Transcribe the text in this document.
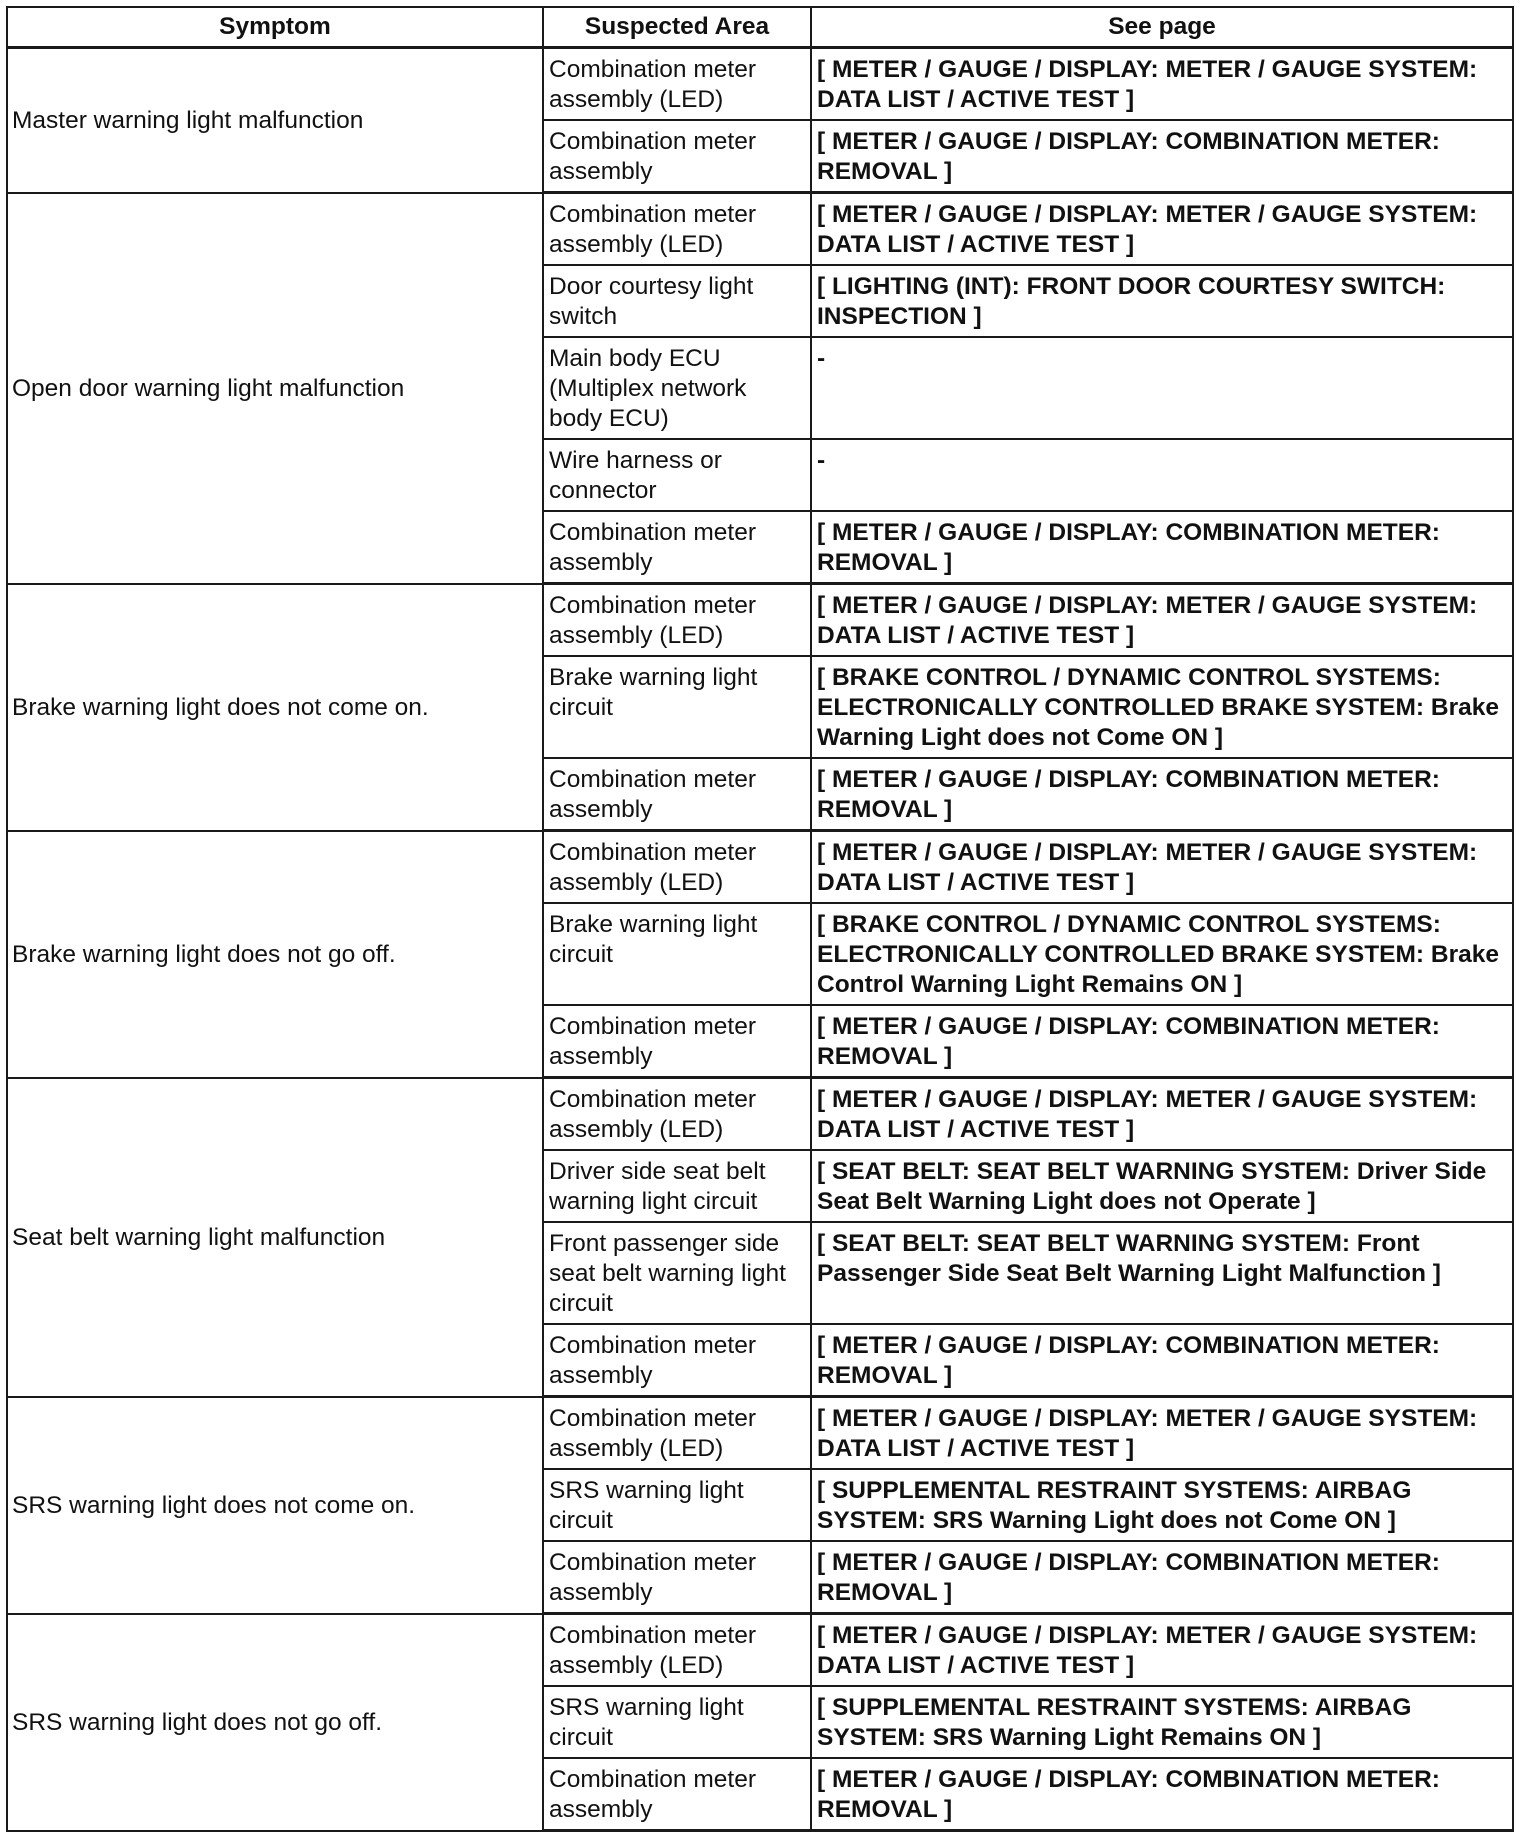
Symptom	Suspected Area	See page
Master warning light malfunction	Combination meter assembly (LED)	[ METER / GAUGE / DISPLAY: METER / GAUGE SYSTEM: DATA LIST / ACTIVE TEST ]
	Combination meter assembly	[ METER / GAUGE / DISPLAY: COMBINATION METER: REMOVAL ]
Open door warning light malfunction	Combination meter assembly (LED)	[ METER / GAUGE / DISPLAY: METER / GAUGE SYSTEM: DATA LIST / ACTIVE TEST ]
	Door courtesy light switch	[ LIGHTING (INT): FRONT DOOR COURTESY SWITCH: INSPECTION ]
	Main body ECU (Multiplex network body ECU)	-
	Wire harness or connector	-
	Combination meter assembly	[ METER / GAUGE / DISPLAY: COMBINATION METER: REMOVAL ]
Brake warning light does not come on.	Combination meter assembly (LED)	[ METER / GAUGE / DISPLAY: METER / GAUGE SYSTEM: DATA LIST / ACTIVE TEST ]
	Brake warning light circuit	[ BRAKE CONTROL / DYNAMIC CONTROL SYSTEMS: ELECTRONICALLY CONTROLLED BRAKE SYSTEM: Brake Warning Light does not Come ON ]
	Combination meter assembly	[ METER / GAUGE / DISPLAY: COMBINATION METER: REMOVAL ]
Brake warning light does not go off.	Combination meter assembly (LED)	[ METER / GAUGE / DISPLAY: METER / GAUGE SYSTEM: DATA LIST / ACTIVE TEST ]
	Brake warning light circuit	[ BRAKE CONTROL / DYNAMIC CONTROL SYSTEMS: ELECTRONICALLY CONTROLLED BRAKE SYSTEM: Brake Control Warning Light Remains ON ]
	Combination meter assembly	[ METER / GAUGE / DISPLAY: COMBINATION METER: REMOVAL ]
Seat belt warning light malfunction	Combination meter assembly (LED)	[ METER / GAUGE / DISPLAY: METER / GAUGE SYSTEM: DATA LIST / ACTIVE TEST ]
	Driver side seat belt warning light circuit	[ SEAT BELT: SEAT BELT WARNING SYSTEM: Driver Side Seat Belt Warning Light does not Operate ]
	Front passenger side seat belt warning light circuit	[ SEAT BELT: SEAT BELT WARNING SYSTEM: Front Passenger Side Seat Belt Warning Light Malfunction ]
	Combination meter assembly	[ METER / GAUGE / DISPLAY: COMBINATION METER: REMOVAL ]
SRS warning light does not come on.	Combination meter assembly (LED)	[ METER / GAUGE / DISPLAY: METER / GAUGE SYSTEM: DATA LIST / ACTIVE TEST ]
	SRS warning light circuit	[ SUPPLEMENTAL RESTRAINT SYSTEMS: AIRBAG SYSTEM: SRS Warning Light does not Come ON ]
	Combination meter assembly	[ METER / GAUGE / DISPLAY: COMBINATION METER: REMOVAL ]
SRS warning light does not go off.	Combination meter assembly (LED)	[ METER / GAUGE / DISPLAY: METER / GAUGE SYSTEM: DATA LIST / ACTIVE TEST ]
	SRS warning light circuit	[ SUPPLEMENTAL RESTRAINT SYSTEMS: AIRBAG SYSTEM: SRS Warning Light Remains ON ]
	Combination meter assembly	[ METER / GAUGE / DISPLAY: COMBINATION METER: REMOVAL ]
